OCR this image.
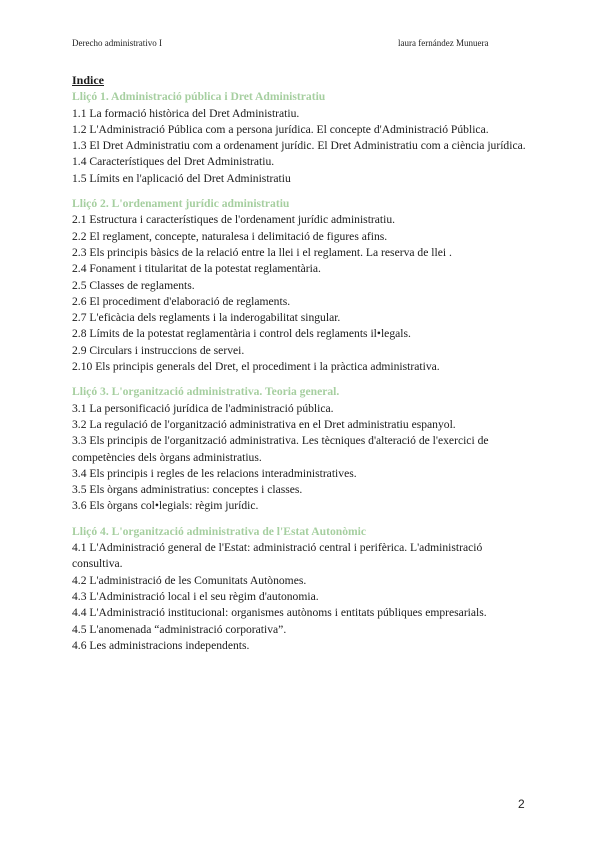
Derecho administrativo I	laura fernández Munuera
Indice
Lliçó 1. Administració pública i Dret Administratiu
1.1 La formació històrica del Dret Administratiu.
1.2 L'Administració Pública com a persona jurídica. El concepte d'Administració Pública.
1.3 El Dret Administratiu com a ordenament jurídic. El Dret Administratiu com a ciència jurídica.
1.4 Característiques del Dret Administratiu.
1.5 Límits en l'aplicació del Dret Administratiu
Lliçó 2. L'ordenament jurídic administratiu
2.1 Estructura i característiques de l'ordenament jurídic administratiu.
2.2 El reglament, concepte, naturalesa i delimitació de figures afins.
2.3 Els principis bàsics de la relació entre la llei i el reglament. La reserva de llei .
2.4 Fonament i titularitat de la potestat reglamentària.
2.5 Classes de reglaments.
2.6 El procediment d'elaboració de reglaments.
2.7 L'eficàcia dels reglaments i la inderogabilitat singular.
2.8 Límits de la potestat reglamentària i control dels reglaments il•legals.
2.9 Circulars i instruccions de servei.
2.10 Els principis generals del Dret, el procediment i la pràctica administrativa.
Lliçó 3. L'organització administrativa. Teoria general.
3.1 La personificació jurídica de l'administració pública.
3.2 La regulació de l'organització administrativa en el Dret administratiu espanyol.
3.3 Els principis de l'organització administrativa. Les tècniques d'alteració de l'exercici de competències dels òrgans administratius.
3.4 Els principis i regles de les relacions interadministratives.
3.5 Els òrgans administratius: conceptes i classes.
3.6 Els òrgans col•legials: règim jurídic.
Lliçó 4. L'organització administrativa de l'Estat Autonòmic
4.1 L'Administració general de l'Estat: administració central i perifèrica. L'administració consultiva.
4.2 L'administració de les Comunitats Autònomes.
4.3 L'Administració local i el seu règim d'autonomia.
4.4 L'Administració institucional: organismes autònoms i entitats públiques empresarials.
4.5 L'anomenada “administració corporativa”.
4.6 Les administracions independents.
2
